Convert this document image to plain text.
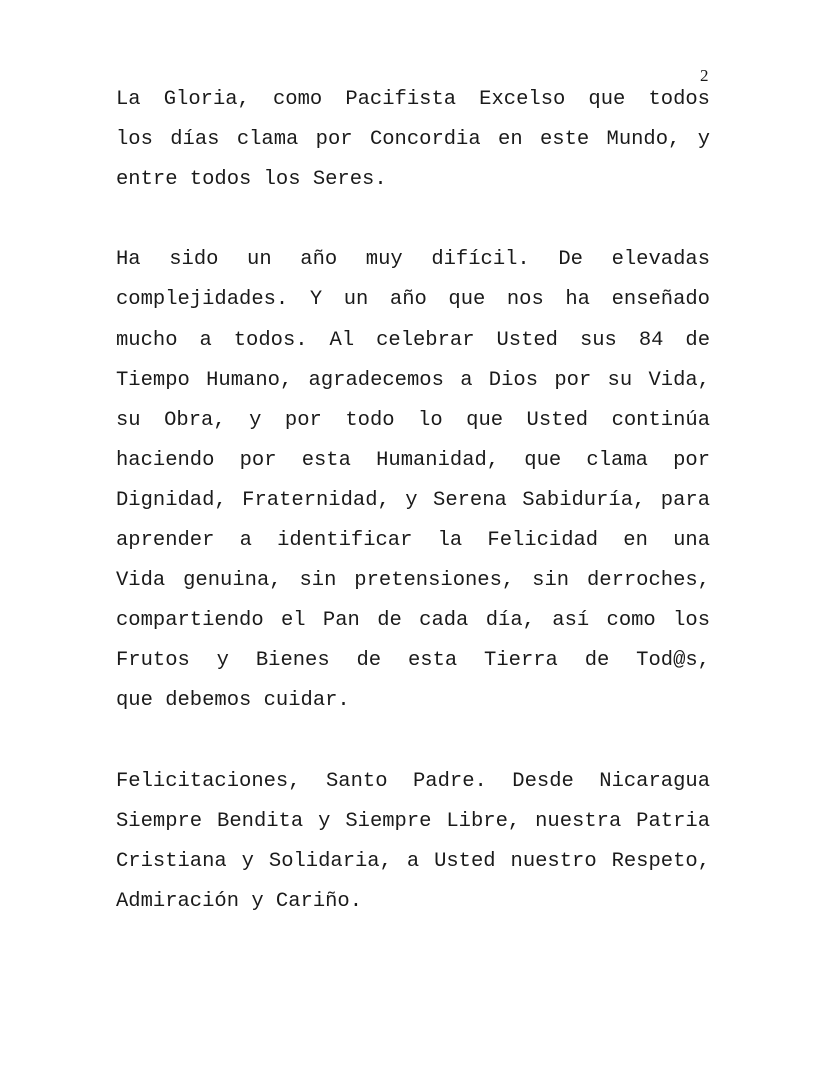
2

La Gloria, como Pacifista Excelso que todos
los días clama por Concordia en este Mundo, y
entre todos los Seres.

Ha sido un año muy difícil. De elevadas
complejidades. Y un año que nos ha enseñado
mucho a todos. Al celebrar Usted sus 84 de
Tiempo Humano, agradecemos a Dios por su Vida,
su Obra, y por todo lo que Usted continúa
haciendo por esta Humanidad, que clama por
Dignidad, Fraternidad, y Serena Sabiduría, para
aprender a identificar la Felicidad en una
Vida genuina, sin pretensiones, sin derroches,
compartiendo el Pan de cada día, así como los
Frutos y Bienes de esta Tierra de Tod@s,
que debemos cuidar.

Felicitaciones, Santo Padre. Desde Nicaragua
Siempre Bendita y Siempre Libre, nuestra Patria
Cristiana y Solidaria, a Usted nuestro Respeto,
Admiración y Cariño.
